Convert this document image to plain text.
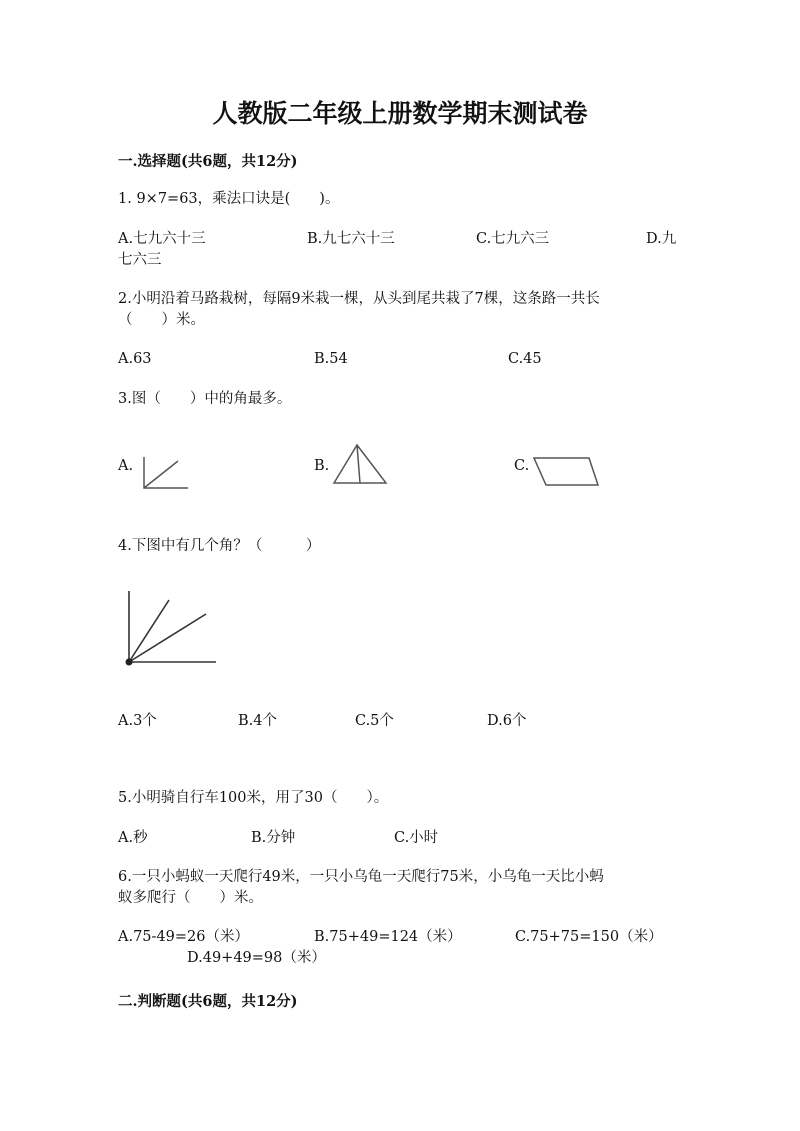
人教版二年级上册数学期末测试卷
一.选择题(共6题，共12分)
1. 9×7=63，乘法口诀是(　　)。
A.七九六十三	B.九七六十三	C.七九六三	D.九
七六三
2.小明沿着马路栽树，每隔9米栽一棵，从头到尾共栽了7棵，这条路一共长
（　　）米。
A.63	B.54	C.45
3.图（　　）中的角最多。
A.	B.	C.
4.下图中有几个角？（　　　）
A.3个	B.4个	C.5个	D.6个
5.小明骑自行车100米，用了30（　　）。
A.秒	B.分钟	C.小时
6.一只小蚂蚁一天爬行49米，一只小乌龟一天爬行75米，小乌龟一天比小蚂
蚁多爬行（　　）米。
A.75-49=26（米）	B.75+49=124（米）	C.75+75=150（米）
D.49+49=98（米）
二.判断题(共6题，共12分)
